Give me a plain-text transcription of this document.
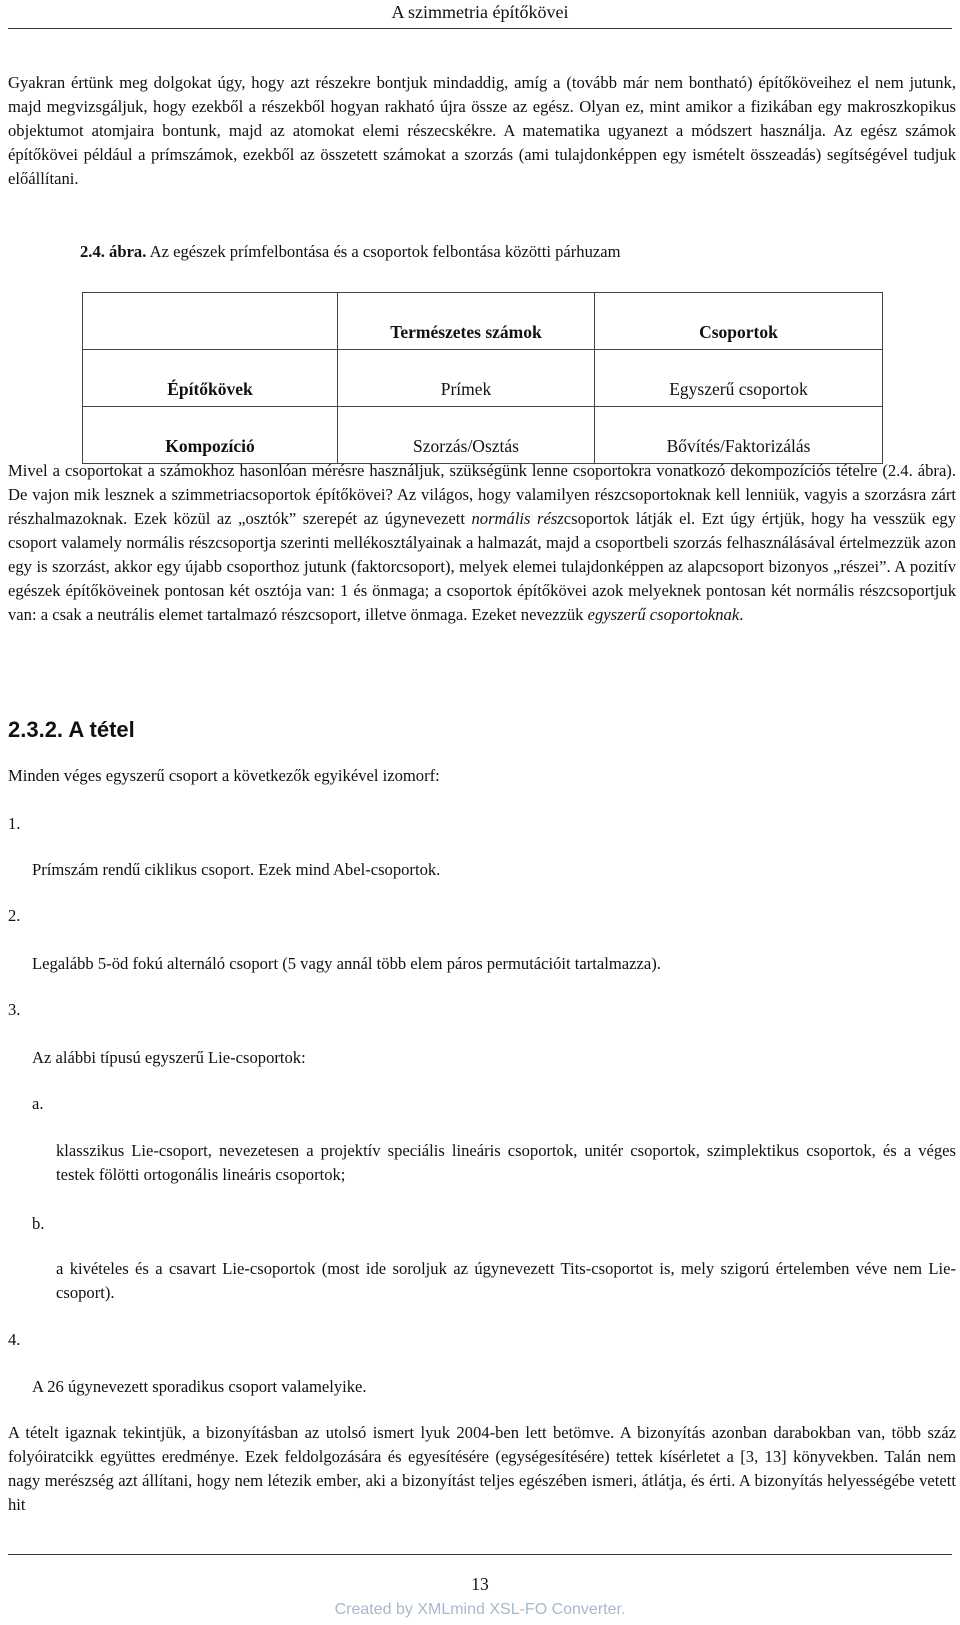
A szimmetria építőkövei

Gyakran értünk meg dolgokat úgy, hogy azt részekre bontjuk mindaddig, amíg a (tovább már nem bontható) építőköveihez el nem jutunk, majd megvizsgáljuk, hogy ezekből a részekből hogyan rakható újra össze az egész. Olyan ez, mint amikor a fizikában egy makroszkopikus objektumot atomjaira bontunk, majd az atomokat elemi részecskékre. A matematika ugyanezt a módszert használja. Az egész számok építőkövei például a prímszámok, ezekből az összetett számokat a szorzás (ami tulajdonképpen egy ismételt összeadás) segítségével tudjuk előállítani.

2.4. ábra. Az egészek prímfelbontása és a csoportok felbontása közötti párhuzam
	Természetes számok	Csoportok
Építőkövek	Prímek	Egyszerű csoportok
Kompozíció	Szorzás/Osztás	Bővítés/Faktorizálás

Mivel a csoportokat a számokhoz hasonlóan mérésre használjuk, szükségünk lenne csoportokra vonatkozó dekompozíciós tételre (2.4. ábra). De vajon mik lesznek a szimmetriacsoportok építőkövei? Az világos, hogy valamilyen részcsoportoknak kell lenniük, vagyis a szorzásra zárt részhalmazoknak. Ezek közül az „osztók” szerepét az úgynevezett normális részcsoportok látják el. Ezt úgy értjük, hogy ha vesszük egy csoport valamely normális részcsoportja szerinti mellékosztályainak a halmazát, majd a csoportbeli szorzás felhasználásával értelmezzük azon egy is szorzást, akkor egy újabb csoporthoz jutunk (faktorcsoport), melyek elemei tulajdonképpen az alapcsoport bizonyos „részei”. A pozitív egészek építőköveinek pontosan két osztója van: 1 és önmaga; a csoportok építőkövei azok melyeknek pontosan két normális részcsoportjuk van: a csak a neutrális elemet tartalmazó részcsoport, illetve önmaga. Ezeket nevezzük egyszerű csoportoknak.

2.3.2. A tétel

Minden véges egyszerű csoport a következők egyikével izomorf:

1.

Prímszám rendű ciklikus csoport. Ezek mind Abel-csoportok.

2.

Legalább 5-öd fokú alternáló csoport (5 vagy annál több elem páros permutációit tartalmazza).

3.

Az alábbi típusú egyszerű Lie-csoportok:

a.

klasszikus Lie-csoport, nevezetesen a projektív speciális lineáris csoportok, unitér csoportok, szimplektikus csoportok, és a véges testek fölötti ortogonális lineáris csoportok;

b.

a kivételes és a csavart Lie-csoportok (most ide soroljuk az úgynevezett Tits-csoportot is, mely szigorú értelemben véve nem Lie-csoport).

4.

A 26 úgynevezett sporadikus csoport valamelyike.

A tételt igaznak tekintjük, a bizonyításban az utolsó ismert lyuk 2004-ben lett betömve. A bizonyítás azonban darabokban van, több száz folyóiratcikk együttes eredménye. Ezek feldolgozására és egyesítésére (egységesítésére) tettek kísérletet a [3, 13] könyvekben. Talán nem nagy merészség azt állítani, hogy nem létezik ember, aki a bizonyítást teljes egészében ismeri, átlátja, és érti. A bizonyítás helyességébe vetett hit

13
Created by XMLmind XSL-FO Converter.
